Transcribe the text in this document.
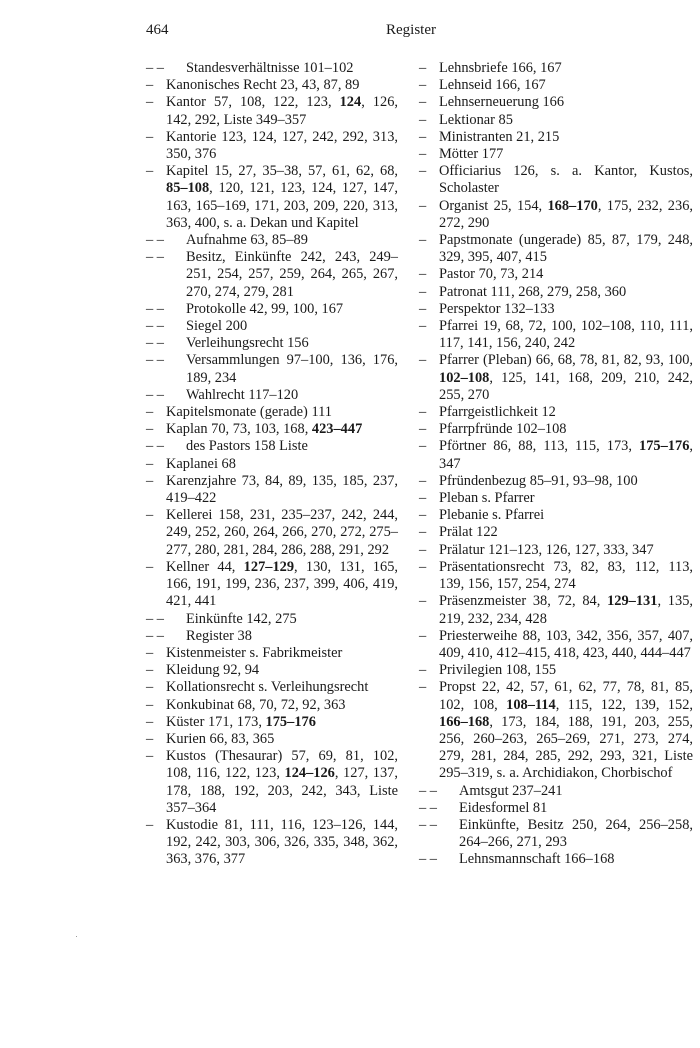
464	Register

– – Standesverhältnisse 101–102

– Kanonisches Recht 23, 43, 87, 89

– Kantor 57, 108, 122, 123, 124, 126, 142, 292, Liste 349–357

– Kantorie 123, 124, 127, 242, 292, 313, 350, 376

– Kapitel 15, 27, 35–38, 57, 61, 62, 68, 85–108, 120, 121, 123, 124, 127, 147, 163, 165–169, 171, 203, 209, 220, 313, 363, 400, s. a. Dekan und Kapitel

– – Aufnahme 63, 85–89

– – Besitz, Einkünfte 242, 243, 249–251, 254, 257, 259, 264, 265, 267, 270, 274, 279, 281

– – Protokolle 42, 99, 100, 167

– – Siegel 200

– – Verleihungsrecht 156

– – Versammlungen 97–100, 136, 176, 189, 234

– – Wahlrecht 117–120

– Kapitelsmonate (gerade) 111

– Kaplan 70, 73, 103, 168, 423–447

– – des Pastors 158 Liste

– Kaplanei 68

– Karenzjahre 73, 84, 89, 135, 185, 237, 419–422

– Kellerei 158, 231, 235–237, 242, 244, 249, 252, 260, 264, 266, 270, 272, 275–277, 280, 281, 284, 286, 288, 291, 292

– Kellner 44, 127–129, 130, 131, 165, 166, 191, 199, 236, 237, 399, 406, 419, 421, 441

– – Einkünfte 142, 275

– – Register 38

– Kistenmeister s. Fabrikmeister

– Kleidung 92, 94

– Kollationsrecht s. Verleihungsrecht

– Konkubinat 68, 70, 72, 92, 363

– Küster 171, 173, 175–176

– Kurien 66, 83, 365

– Kustos (Thesaurar) 57, 69, 81, 102, 108, 116, 122, 123, 124–126, 127, 137, 178, 188, 192, 203, 242, 343, Liste 357–364

– Kustodie 81, 111, 116, 123–126, 144, 192, 242, 303, 306, 326, 335, 348, 362, 363, 376, 377

– Lehnsbriefe 166, 167

– Lehnseid 166, 167

– Lehnserneuerung 166

– Lektionar 85

– Ministranten 21, 215

– Mötter 177

– Officiarius 126, s. a. Kantor, Kustos, Scholaster

– Organist 25, 154, 168–170, 175, 232, 236, 272, 290

– Papstmonate (ungerade) 85, 87, 179, 248, 329, 395, 407, 415

– Pastor 70, 73, 214

– Patronat 111, 268, 279, 258, 360

– Perspektor 132–133

– Pfarrei 19, 68, 72, 100, 102–108, 110, 111, 117, 141, 156, 240, 242

– Pfarrer (Pleban) 66, 68, 78, 81, 82, 93, 100, 102–108, 125, 141, 168, 209, 210, 242, 255, 270

– Pfarrgeistlichkeit 12

– Pfarrpfründe 102–108

– Pförtner 86, 88, 113, 115, 173, 175–176, 347

– Pfründenbezug 85–91, 93–98, 100

– Pleban s. Pfarrer

– Plebanie s. Pfarrei

– Prälat 122

– Prälatur 121–123, 126, 127, 333, 347

– Präsentationsrecht 73, 82, 83, 112, 113, 139, 156, 157, 254, 274

– Präsenzmeister 38, 72, 84, 129–131, 135, 219, 232, 234, 428

– Priesterweihe 88, 103, 342, 356, 357, 407, 409, 410, 412–415, 418, 423, 440, 444–447

– Privilegien 108, 155

– Propst 22, 42, 57, 61, 62, 77, 78, 81, 85, 102, 108, 108–114, 115, 122, 139, 152, 166–168, 173, 184, 188, 191, 203, 255, 256, 260–263, 265–269, 271, 273, 274, 279, 281, 284, 285, 292, 293, 321, Liste 295–319, s. a. Archidiakon, Chorbischof

– – Amtsgut 237–241

– – Eidesformel 81

– – Einkünfte, Besitz 250, 264, 256–258, 264–266, 271, 293

– – Lehnsmannschaft 166–168
